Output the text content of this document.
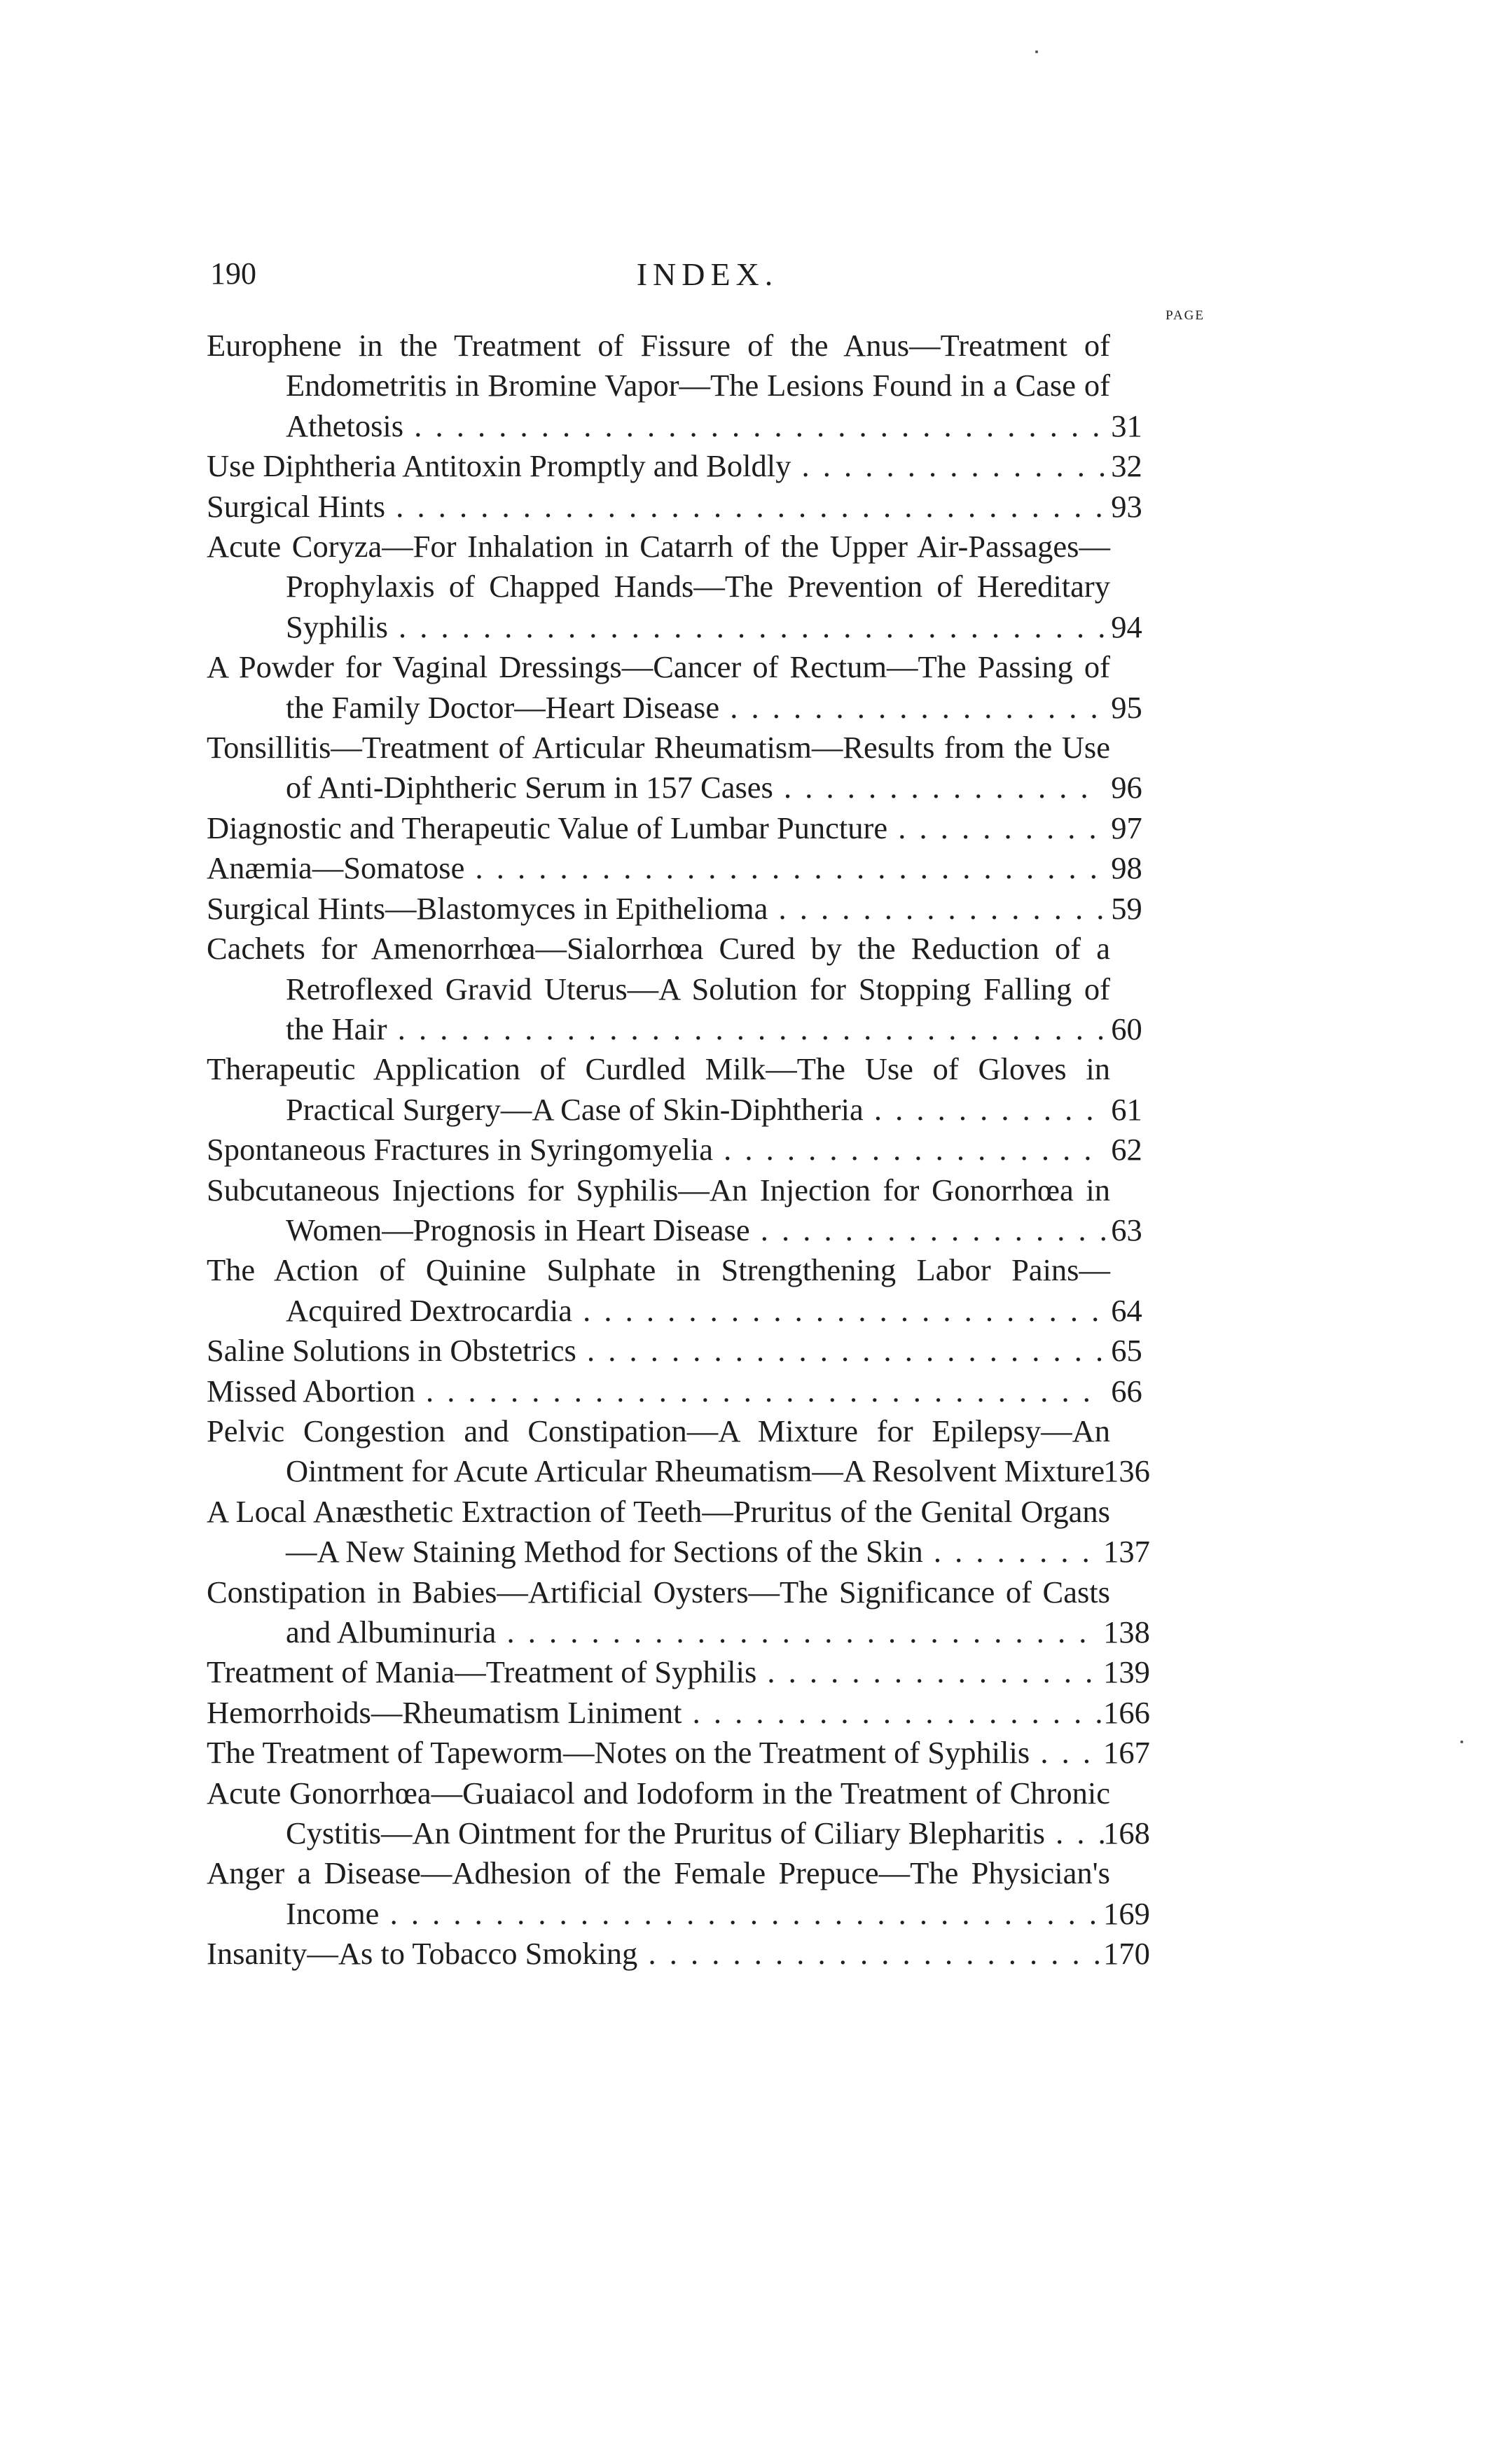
190	INDEX.
PAGE
Europhene in the Treatment of Fissure of the Anus—Treatment of Endometritis in Bromine Vapor—The Lesions Found in a Case of Athetosis . . . . . . . . . . . . . . . . . . . . . . . . . . . . . . . . . 31
Use Diphtheria Antitoxin Promptly and Boldly . . . . . . . . . . . . . . . 32
Surgical Hints . . . . . . . . . . . . . . . . . . . . . . . . . . . . . . . . . . 93
Acute Coryza—For Inhalation in Catarrh of the Upper Air-Passages—Prophylaxis of Chapped Hands—The Prevention of Hereditary Syphilis . . . . . . . . . . . . . . . . . . . . . . . . . . . . . . . . . . 94
A Powder for Vaginal Dressings—Cancer of Rectum—The Passing of the Family Doctor—Heart Disease . . . . . . . . . . . . . . . . . . 95
Tonsillitis—Treatment of Articular Rheumatism—Results from the Use of Anti-Diphtheric Serum in 157 Cases . . . . . . . . . . . . . . . 96
Diagnostic and Therapeutic Value of Lumbar Puncture . . . . . . . . . . 97
Anæmia—Somatose . . . . . . . . . . . . . . . . . . . . . . . . . . . . . . 98
Surgical Hints—Blastomyces in Epithelioma . . . . . . . . . . . . . . . . 59
Cachets for Amenorrhœa—Sialorrhœa Cured by the Reduction of a Retroflexed Gravid Uterus—A Solution for Stopping Falling of the Hair . . . . . . . . . . . . . . . . . . . . . . . . . . . . . . . . . . 60
Therapeutic Application of Curdled Milk—The Use of Gloves in Practical Surgery—A Case of Skin-Diphtheria . . . . . . . . . . . 61
Spontaneous Fractures in Syringomyelia . . . . . . . . . . . . . . . . . . 62
Subcutaneous Injections for Syphilis—An Injection for Gonorrhœa in Women—Prognosis in Heart Disease . . . . . . . . . . . . . . . . . 63
The Action of Quinine Sulphate in Strengthening Labor Pains—Acquired Dextrocardia . . . . . . . . . . . . . . . . . . . . . . . . . 64
Saline Solutions in Obstetrics . . . . . . . . . . . . . . . . . . . . . . . . . 65
Missed Abortion . . . . . . . . . . . . . . . . . . . . . . . . . . . . . . . . 66
Pelvic Congestion and Constipation—A Mixture for Epilepsy—An Ointment for Acute Articular Rheumatism—A Resolvent Mixture
136
A Local Anæsthetic Extraction of Teeth—Pruritus of the Genital Organs—A New Staining Method for Sections of the Skin . . . . . . . . 137
Constipation in Babies—Artificial Oysters—The Significance of Casts and Albuminuria . . . . . . . . . . . . . . . . . . . . . . . . . . . . 138
Treatment of Mania—Treatment of Syphilis . . . . . . . . . . . . . . . . 139
Hemorrhoids—Rheumatism Liniment . . . . . . . . . . . . . . . . . . . .
166
The Treatment of Tapeworm—Notes on the Treatment of Syphilis . . . 167
Acute Gonorrhœa—Guaiacol and Iodoform in the Treatment of Chronic Cystitis—An Ointment for the Pruritus of Ciliary Blepharitis . . .
168
Anger a Disease—Adhesion of the Female Prepuce—The Physician's Income . . . . . . . . . . . . . . . . . . . . . . . . . . . . . . . . . . 169
Insanity—As to Tobacco Smoking . . . . . . . . . . . . . . . . . . . . . . 170
